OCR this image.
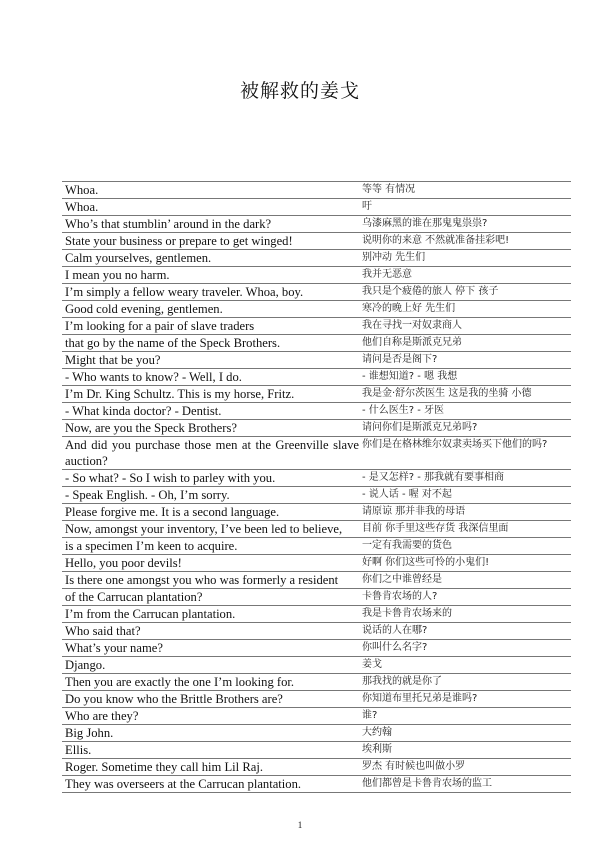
被解救的姜戈
Whoa.	等等 有情况
Whoa.	吁
Who’s that stumblin’ around in the dark?	乌漆麻黑的谁在那鬼鬼祟祟?
State your business or prepare to get winged!	说明你的来意 不然就准备挂彩吧!
Calm yourselves, gentlemen.	别冲动 先生们
I mean you no harm.	我并无恶意
I’m simply a fellow weary traveler. Whoa, boy.	我只是个疲倦的旅人 停下 孩子
Good cold evening, gentlemen.	寒冷的晚上好 先生们
I’m looking for a pair of slave traders	我在寻找一对奴隶商人
that go by the name of the Speck Brothers.	他们自称是斯派克兄弟
Might that be you?	请问是否是阁下?
- Who wants to know? - Well, I do.	- 谁想知道? - 嗯 我想
I’m Dr. King Schultz. This is my horse, Fritz.	我是金·舒尔茨医生 这是我的坐骑 小德
- What kinda doctor? - Dentist.	- 什么医生? - 牙医
Now, are you the Speck Brothers?	请问你们是斯派克兄弟吗?
And did you purchase those men at the Greenville slave auction?	你们是在格林维尔奴隶卖场买下他们的吗?
- So what? - So I wish to parley with you.	- 是又怎样? - 那我就有要事相商
- Speak English. - Oh, I’m sorry.	- 说人话 - 喔 对不起
Please forgive me. It is a second language.	请原谅 那并非我的母语
Now, amongst your inventory, I’ve been led to believe,	目前 你手里这些存货 我深信里面
is a specimen I’m keen to acquire.	一定有我需要的货色
Hello, you poor devils!	好啊 你们这些可怜的小鬼们!
Is there one amongst you who was formerly a resident	你们之中谁曾经是
of the Carrucan plantation?	卡鲁肯农场的人?
I’m from the Carrucan plantation.	我是卡鲁肯农场来的
Who said that?	说话的人在哪?
What’s your name?	你叫什么名字?
Django.	姜戈
Then you are exactly the one I’m looking for.	那我找的就是你了
Do you know who the Brittle Brothers are?	你知道布里托兄弟是谁吗?
Who are they?	谁?
Big John.	大约翰
Ellis.	埃利斯
Roger. Sometime they call him Lil Raj.	罗杰 有时候也叫做小罗
They was overseers at the Carrucan plantation.	他们都曾是卡鲁肯农场的监工
1
